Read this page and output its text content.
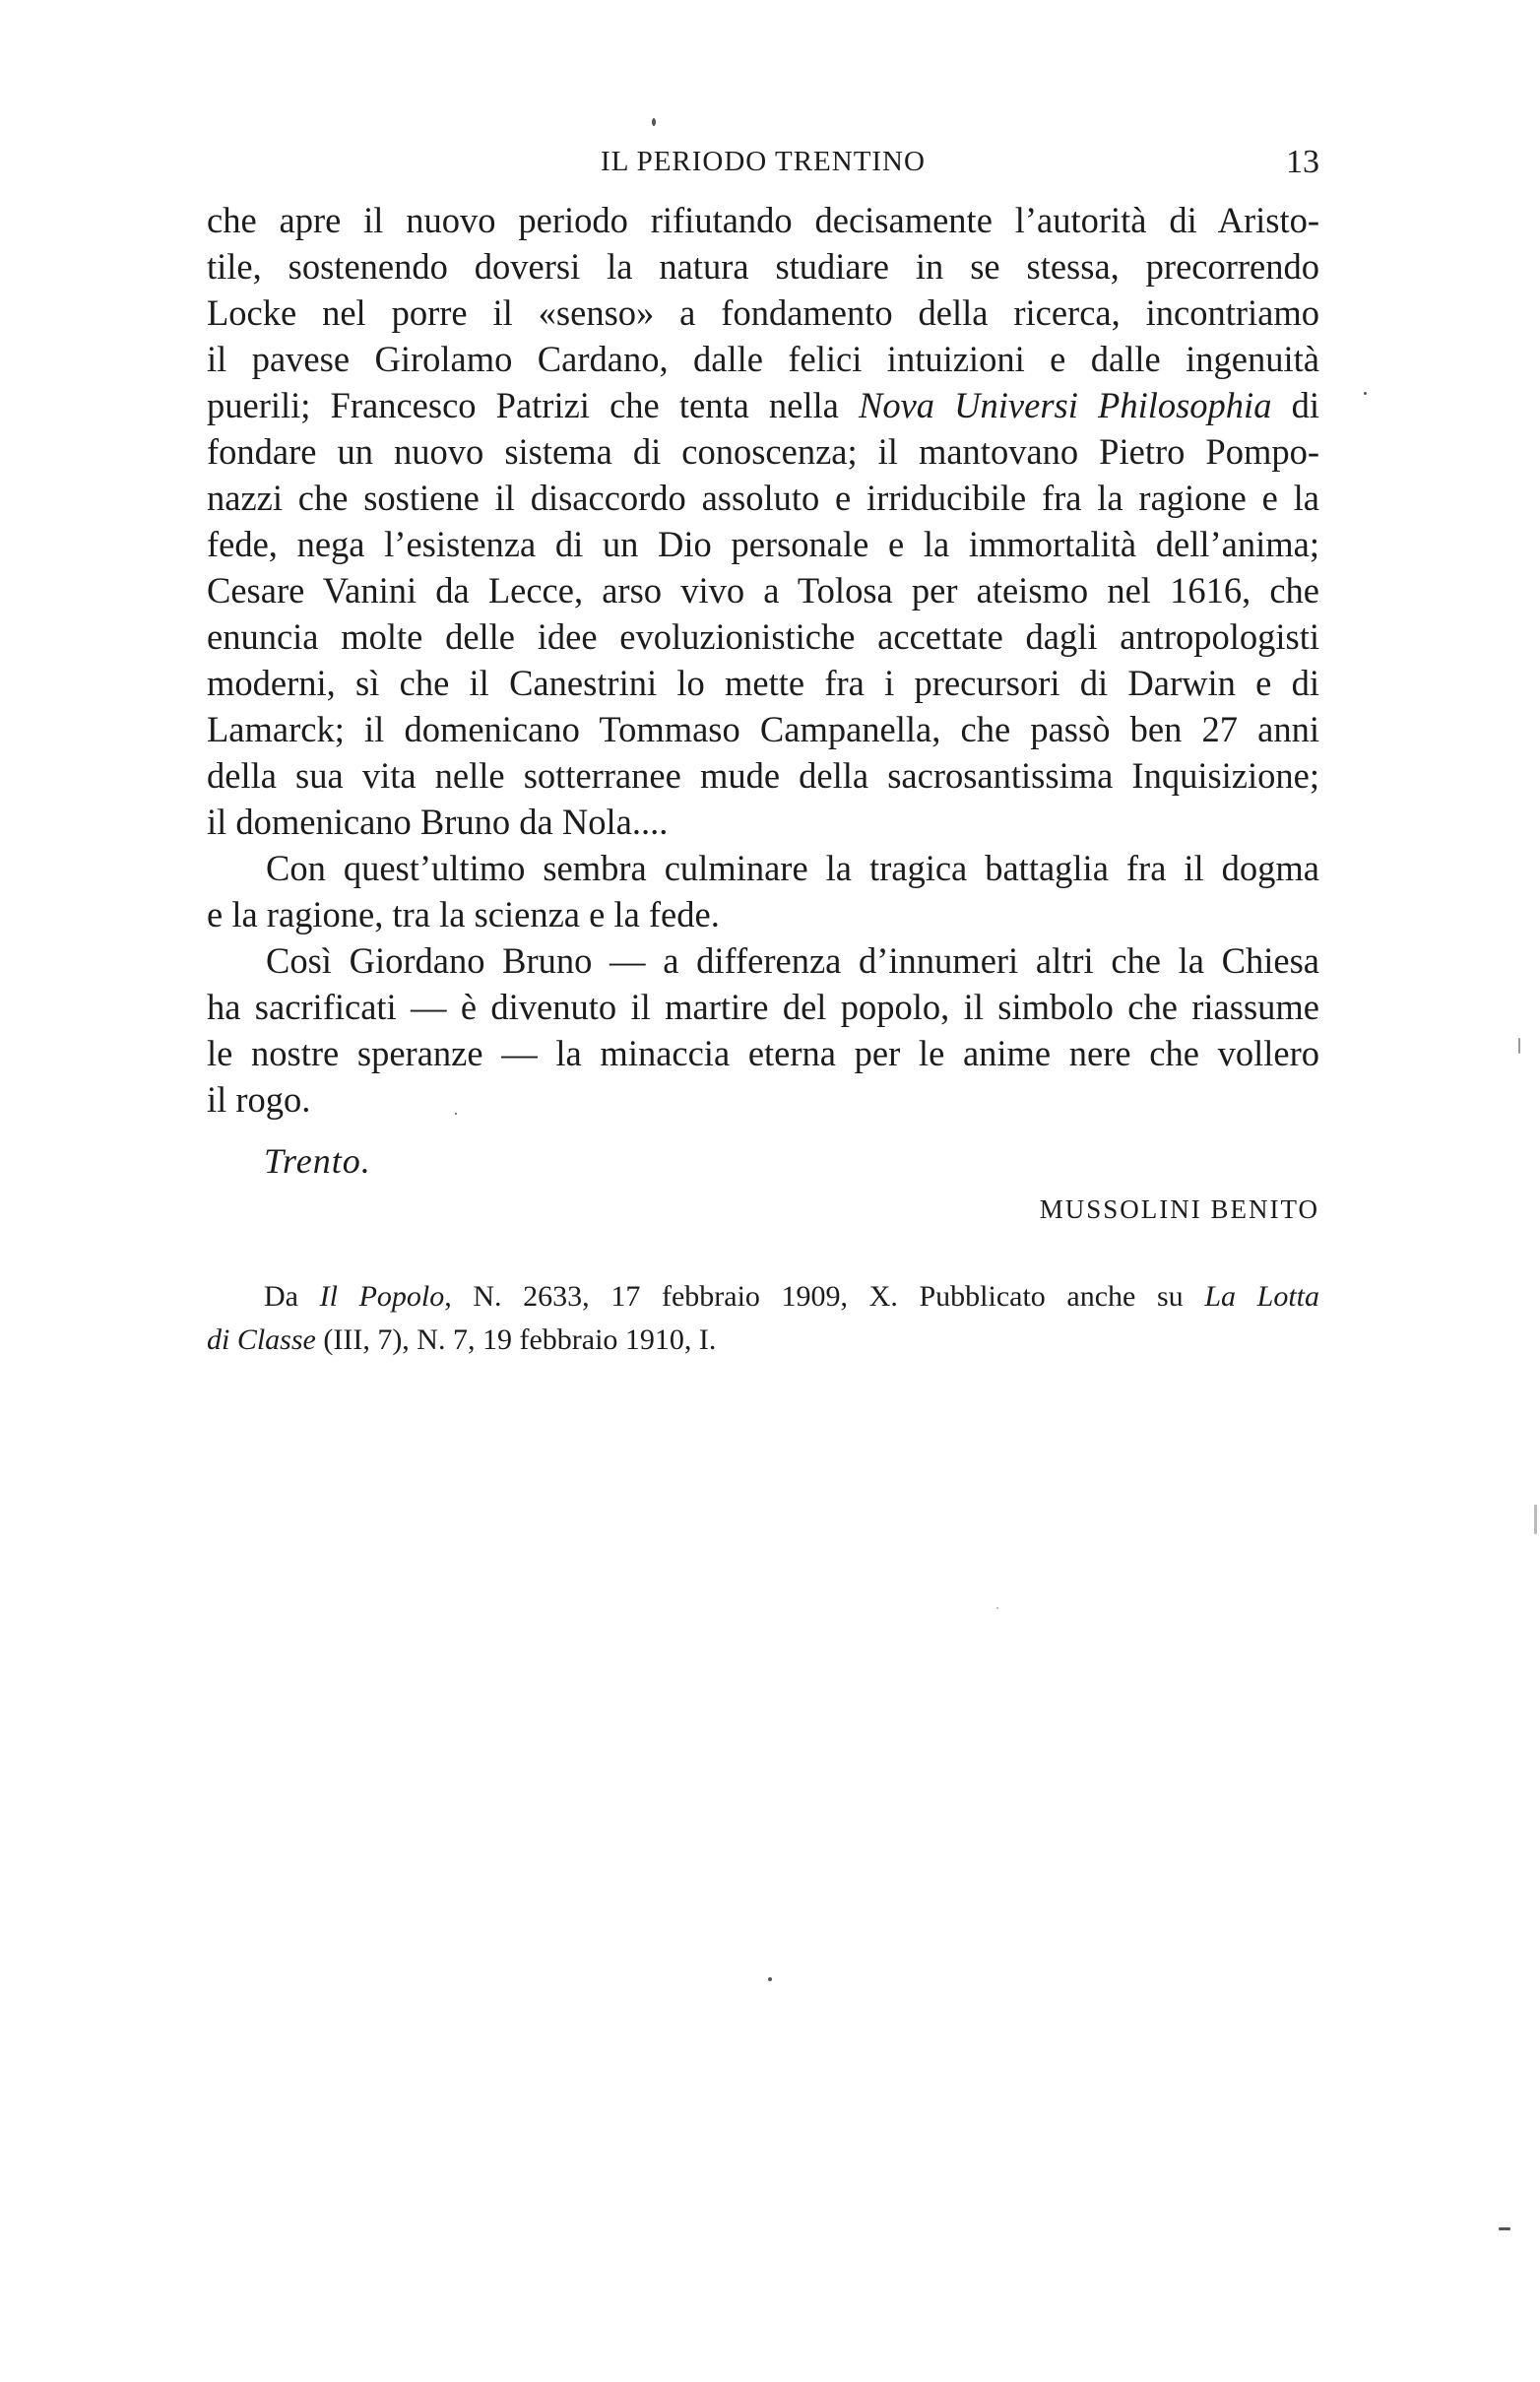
IL PERIODO TRENTINO	13
che apre il nuovo periodo rifiutando decisamente l’autorità di Aristo-
tile, sostenendo doversi la natura studiare in se stessa, precorrendo
Locke nel porre il «senso» a fondamento della ricerca, incontriamo
il pavese Girolamo Cardano, dalle felici intuizioni e dalle ingenuità
puerili; Francesco Patrizi che tenta nella Nova Universi Philosophia di
fondare un nuovo sistema di conoscenza; il mantovano Pietro Pompo-
nazzi che sostiene il disaccordo assoluto e irriducibile fra la ragione e la
fede, nega l’esistenza di un Dio personale e la immortalità dell’anima;
Cesare Vanini da Lecce, arso vivo a Tolosa per ateismo nel 1616, che
enuncia molte delle idee evoluzionistiche accettate dagli antropologisti
moderni, sì che il Canestrini lo mette fra i precursori di Darwin e di
Lamarck; il domenicano Tommaso Campanella, che passò ben 27 anni
della sua vita nelle sotterranee mude della sacrosantissima Inquisizione;
il domenicano Bruno da Nola....
Con quest’ultimo sembra culminare la tragica battaglia fra il dogma
e la ragione, tra la scienza e la fede.
Così Giordano Bruno — a differenza d’innumeri altri che la Chiesa
ha sacrificati — è divenuto il martire del popolo, il simbolo che riassume
le nostre speranze — la minaccia eterna per le anime nere che vollero
il rogo.
Trento.
MUSSOLINI BENITO
Da Il Popolo, N. 2633, 17 febbraio 1909, X. Pubblicato anche su La Lotta
di Classe (III, 7), N. 7, 19 febbraio 1910, I.
